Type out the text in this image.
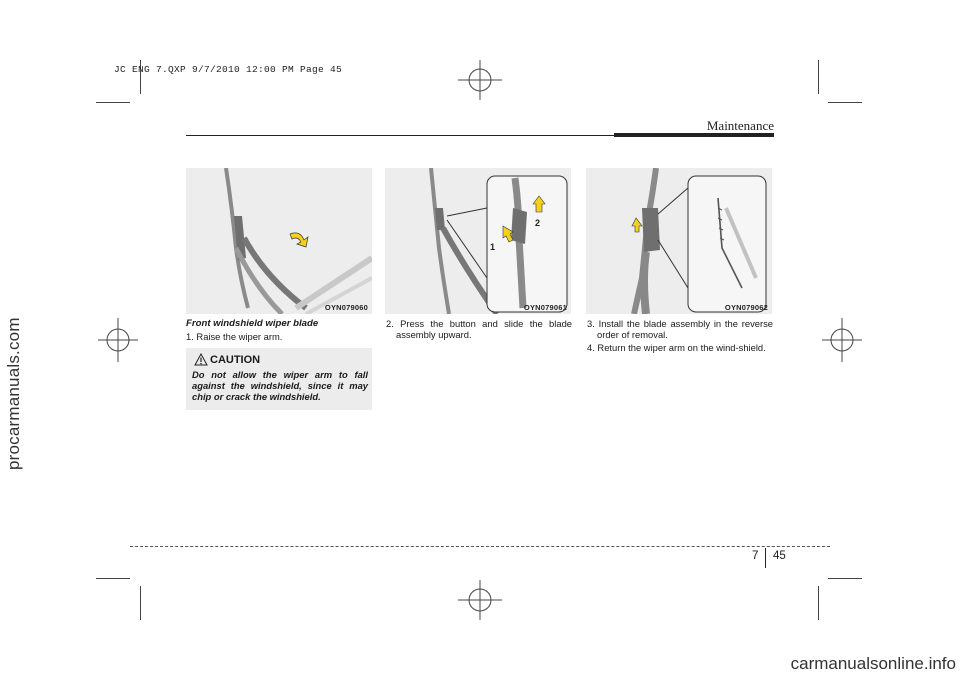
JC ENG 7.QXP 9/7/2010 12:00 PM Page 45
Maintenance
OYN079060
1
2
OYN079061	OYN079062
Front windshield wiper blade
1. Raise the wiper arm.
CAUTION
Do not allow the wiper arm to fall against the windshield, since it may chip or crack the windshield.
2. Press the button and slide the blade assembly upward.
3. Install the blade assembly in the reverse order of removal.
4. Return the wiper arm on the wind-shield.
7 45
procarmanuals.com
carmanualsonline.info
